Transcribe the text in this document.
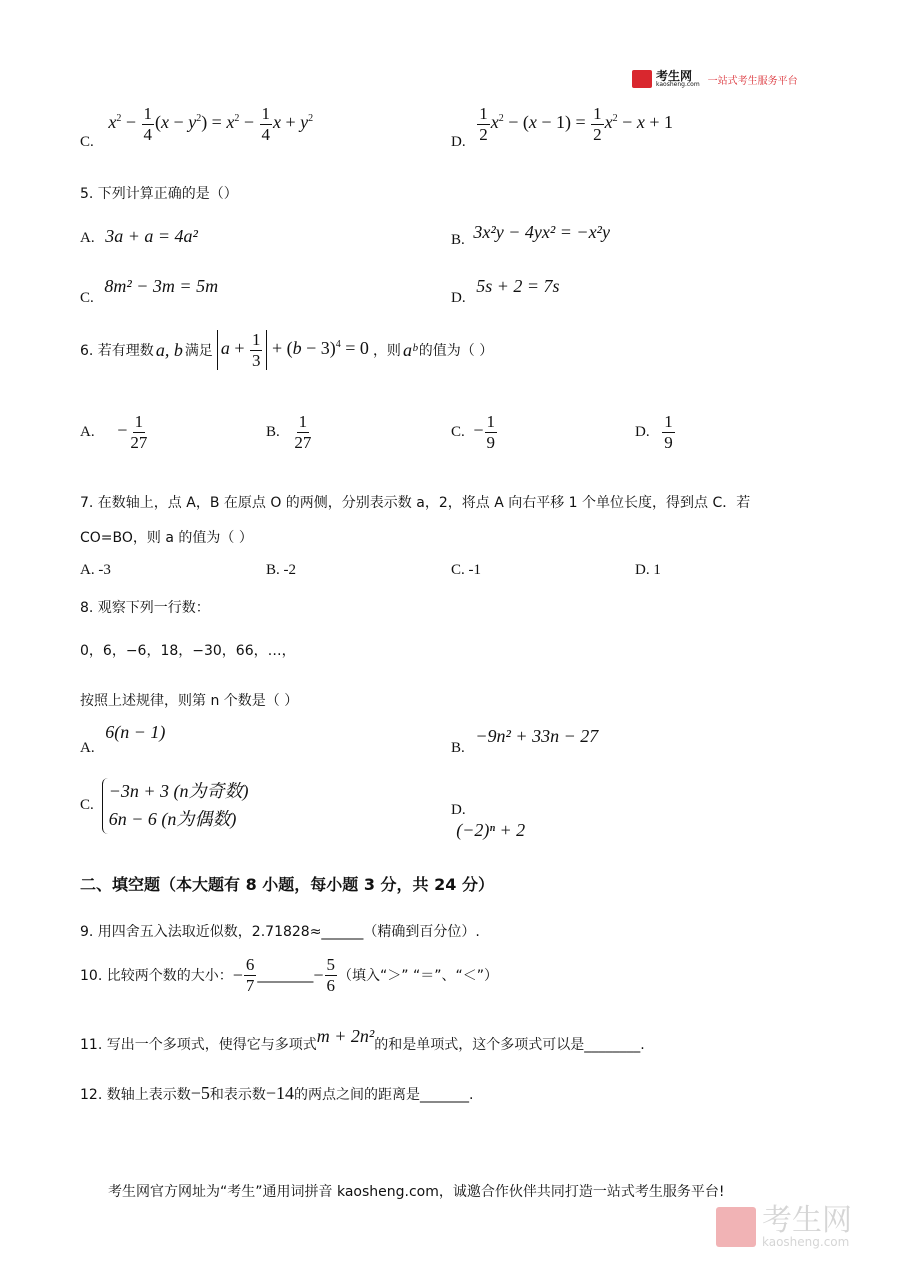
考生网
kaosheng.com 一站式考生服务平台
C. $x^2 - \frac{1}{4} (x - y^2) = x^2 - \frac{1}{4}$ $x + y^2$
D. $\frac{1}{2} x^2 - (x - 1) = \frac{1}{2} x^2 - x + 1$
5. 下列计算正确的是（）
A. 3a + a = 4a²	B. 3x²y − 4yx² = −x²y
C. 8m² − 3m = 5m
D. 5s + 2 = 7s
6. 若有理数 a, b 满足 $a + \frac{1}{3} + (b - 3)^4 = 0$ ，则 aᵇ 的值为（ ）
A. − $\frac{1}{27}$	B. $\frac{1}{27}$	C. − $\frac{1}{9}$	D. $\frac{1}{9}$
7. 在数轴上，点 A，B 在原点 O 的两侧，分别表示数 a，2，将点 A 向右平移 1 个单位长度，得到点 C．若
CO=BO，则 a 的值为（ ）
A. -3	B. -2	C. -1	D. 1
8. 观察下列一行数：
0，6，−6，18，−30，66，…，
按照上述规律，则第 n 个数是（ ）
A. 6(n − 1)
B. −9n² + 33n − 27
C.
−3n + 3 (n为奇数)
6n − 6 (n为偶数)	D. (−2)ⁿ + 2
二、填空题（本大题有 8 小题，每小题 3 分，共 24 分）
9. 用四舍五入法取近似数，2.71828≈______（精确到百分位）.
10. 比较两个数的大小： − $\frac{6}{7}$ ________ − $\frac{5}{6}$ （填入“＞” “＝”、“＜”）
11. 写出一个多项式，使得它与多项式 m + 2n² 的和是单项式，这个多项式可以是________.
12. 数轴上表示数 −5 和表示数 −14 的两点之间的距离是_______.
考生网官方网址为“考生”通用词拼音 kaosheng.com，诚邀合作伙伴共同打造一站式考生服务平台!
考生网
kaosheng.com
